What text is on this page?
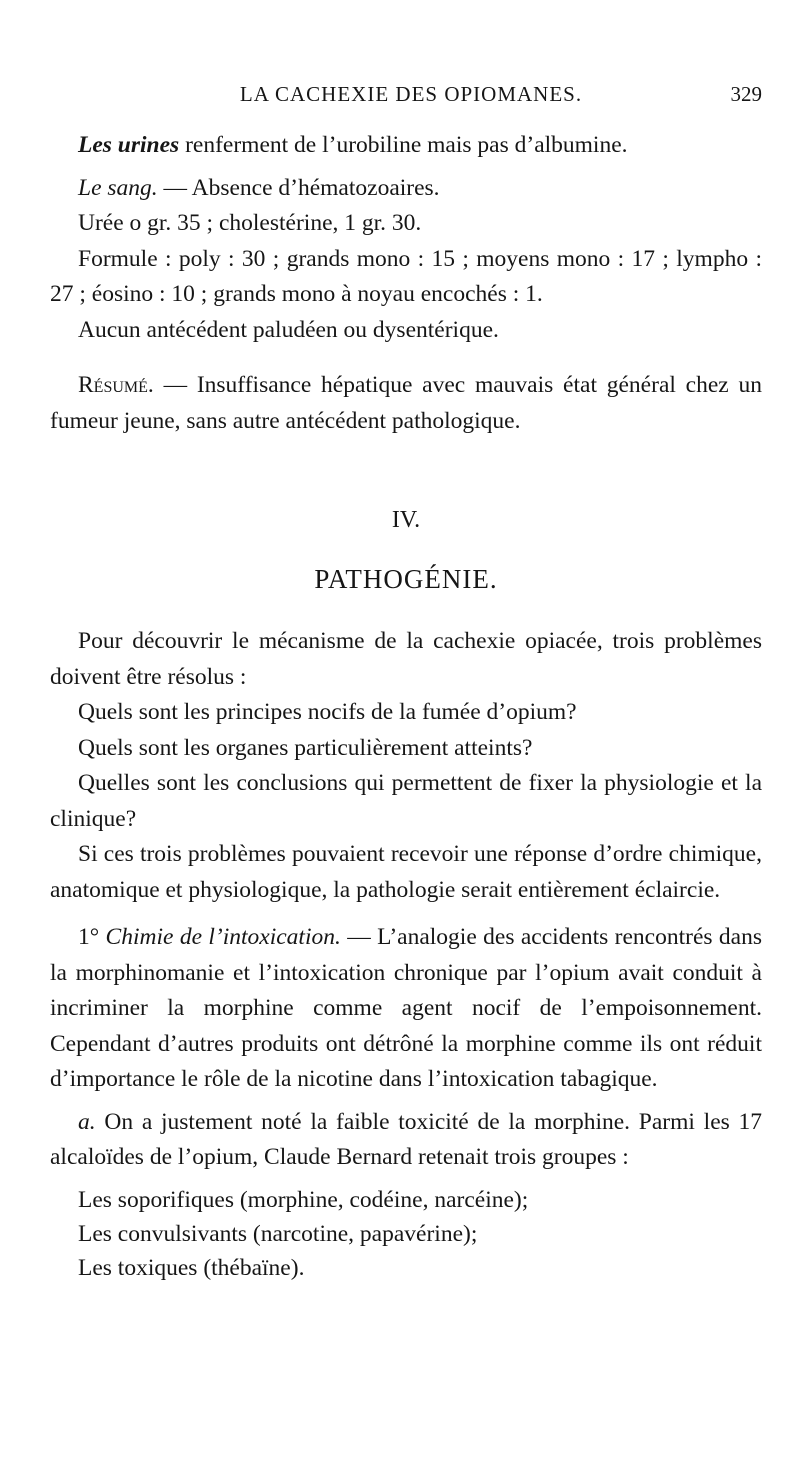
LA CACHEXIE DES OPIOMANES.	329

Les urines renferment de l’urobiline mais pas d’albumine.

Le sang. — Absence d’hématozoaires.

Urée o gr. 35 ; cholestérine, 1 gr. 30.

Formule : poly : 30 ; grands mono : 15 ; moyens mono : 17 ; lympho : 27 ; éosino : 10 ; grands mono à noyau encochés : 1.

Aucun antécédent paludéen ou dysentérique.

Résumé. — Insuffisance hépatique avec mauvais état général chez un fumeur jeune, sans autre antécédent pathologique.

IV.
PATHOGÉNIE.

Pour découvrir le mécanisme de la cachexie opiacée, trois problèmes doivent être résolus :

Quels sont les principes nocifs de la fumée d’opium?

Quels sont les organes particulièrement atteints?

Quelles sont les conclusions qui permettent de fixer la physiologie et la clinique?

Si ces trois problèmes pouvaient recevoir une réponse d’ordre chimique, anatomique et physiologique, la pathologie serait entièrement éclaircie.

1° Chimie de l’intoxication. — L’analogie des accidents rencontrés dans la morphinomanie et l’intoxication chronique par l’opium avait conduit à incriminer la morphine comme agent nocif de l’empoisonnement. Cependant d’autres produits ont détrôné la morphine comme ils ont réduit d’importance le rôle de la nicotine dans l’intoxication tabagique.

a. On a justement noté la faible toxicité de la morphine. Parmi les 17 alcaloïdes de l’opium, Claude Bernard retenait trois groupes :

Les soporifiques (morphine, codéine, narcéine);
Les convulsivants (narcotine, papavérine);
Les toxiques (thébaïne).
